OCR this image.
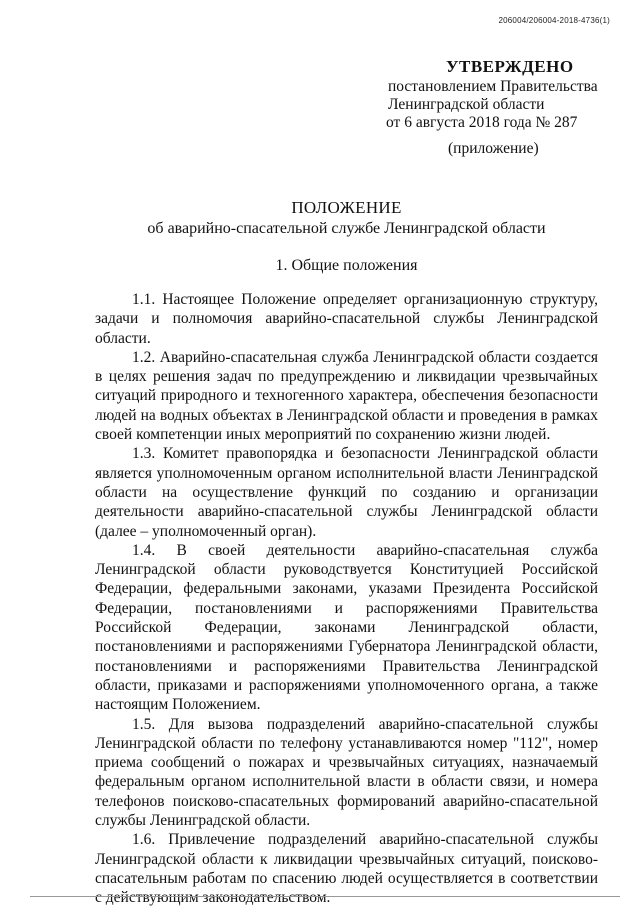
206004/206004-2018-4736(1)
УТВЕРЖДЕНО
постановлением Правительства
Ленинградской области
от 6 августа 2018 года № 287
(приложение)
ПОЛОЖЕНИЕ
об аварийно-спасательной службе Ленинградской области
1. Общие положения

1.1. Настоящее Положение определяет организационную структуру, задачи и полномочия аварийно-спасательной службы Ленинградской области.

1.2. Аварийно-спасательная служба Ленинградской области создается в целях решения задач по предупреждению и ликвидации чрезвычайных ситуаций природного и техногенного характера, обеспечения безопасности людей на водных объектах в Ленинградской области и проведения в рамках своей компетенции иных мероприятий по сохранению жизни людей.

1.3. Комитет правопорядка и безопасности Ленинградской области является уполномоченным органом исполнительной власти Ленинградской области на осуществление функций по созданию и организации деятельности аварийно-спасательной службы Ленинградской области (далее – уполномоченный орган).

1.4. В своей деятельности аварийно-спасательная служба Ленинградской области руководствуется Конституцией Российской Федерации, федеральными законами, указами Президента Российской Федерации, постановлениями и распоряжениями Правительства Российской Федерации, законами Ленинградской области, постановлениями и распоряжениями Губернатора Ленинградской области, постановлениями и распоряжениями Правительства Ленинградской области, приказами и распоряжениями уполномоченного органа, а также настоящим Положением.

1.5. Для вызова подразделений аварийно-спасательной службы Ленинградской области по телефону устанавливаются номер "112", номер приема сообщений о пожарах и чрезвычайных ситуациях, назначаемый федеральным органом исполнительной власти в области связи, и номера телефонов поисково-спасательных формирований аварийно-спасательной службы Ленинградской области.

1.6. Привлечение подразделений аварийно-спасательной службы Ленинградской области к ликвидации чрезвычайных ситуаций, поисково-спасательным работам по спасению людей осуществляется в соответствии с действующим законодательством.
